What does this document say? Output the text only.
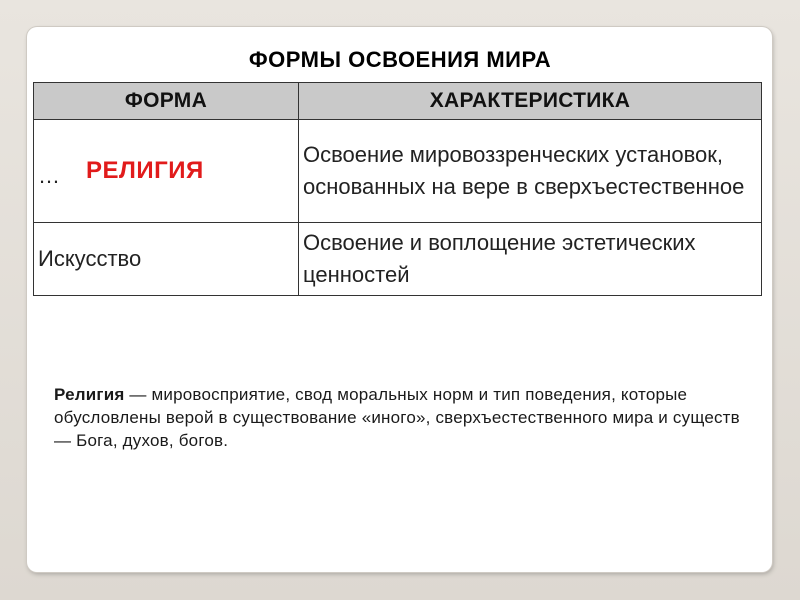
ФОРМЫ ОСВОЕНИЯ МИРА
ФОРМА	ХАРАКТЕРИСТИКА

… РЕЛИГИЯ	Освоение мировоззренческих установок, основанных на вере в сверхъестественное

Искусство	Освоение и воплощение эстетических ценностей
Религия — мировосприятие, свод моральных норм и тип поведения, которые обусловлены верой в существование «иного», сверхъестественного мира и существ — Бога, духов, богов.
